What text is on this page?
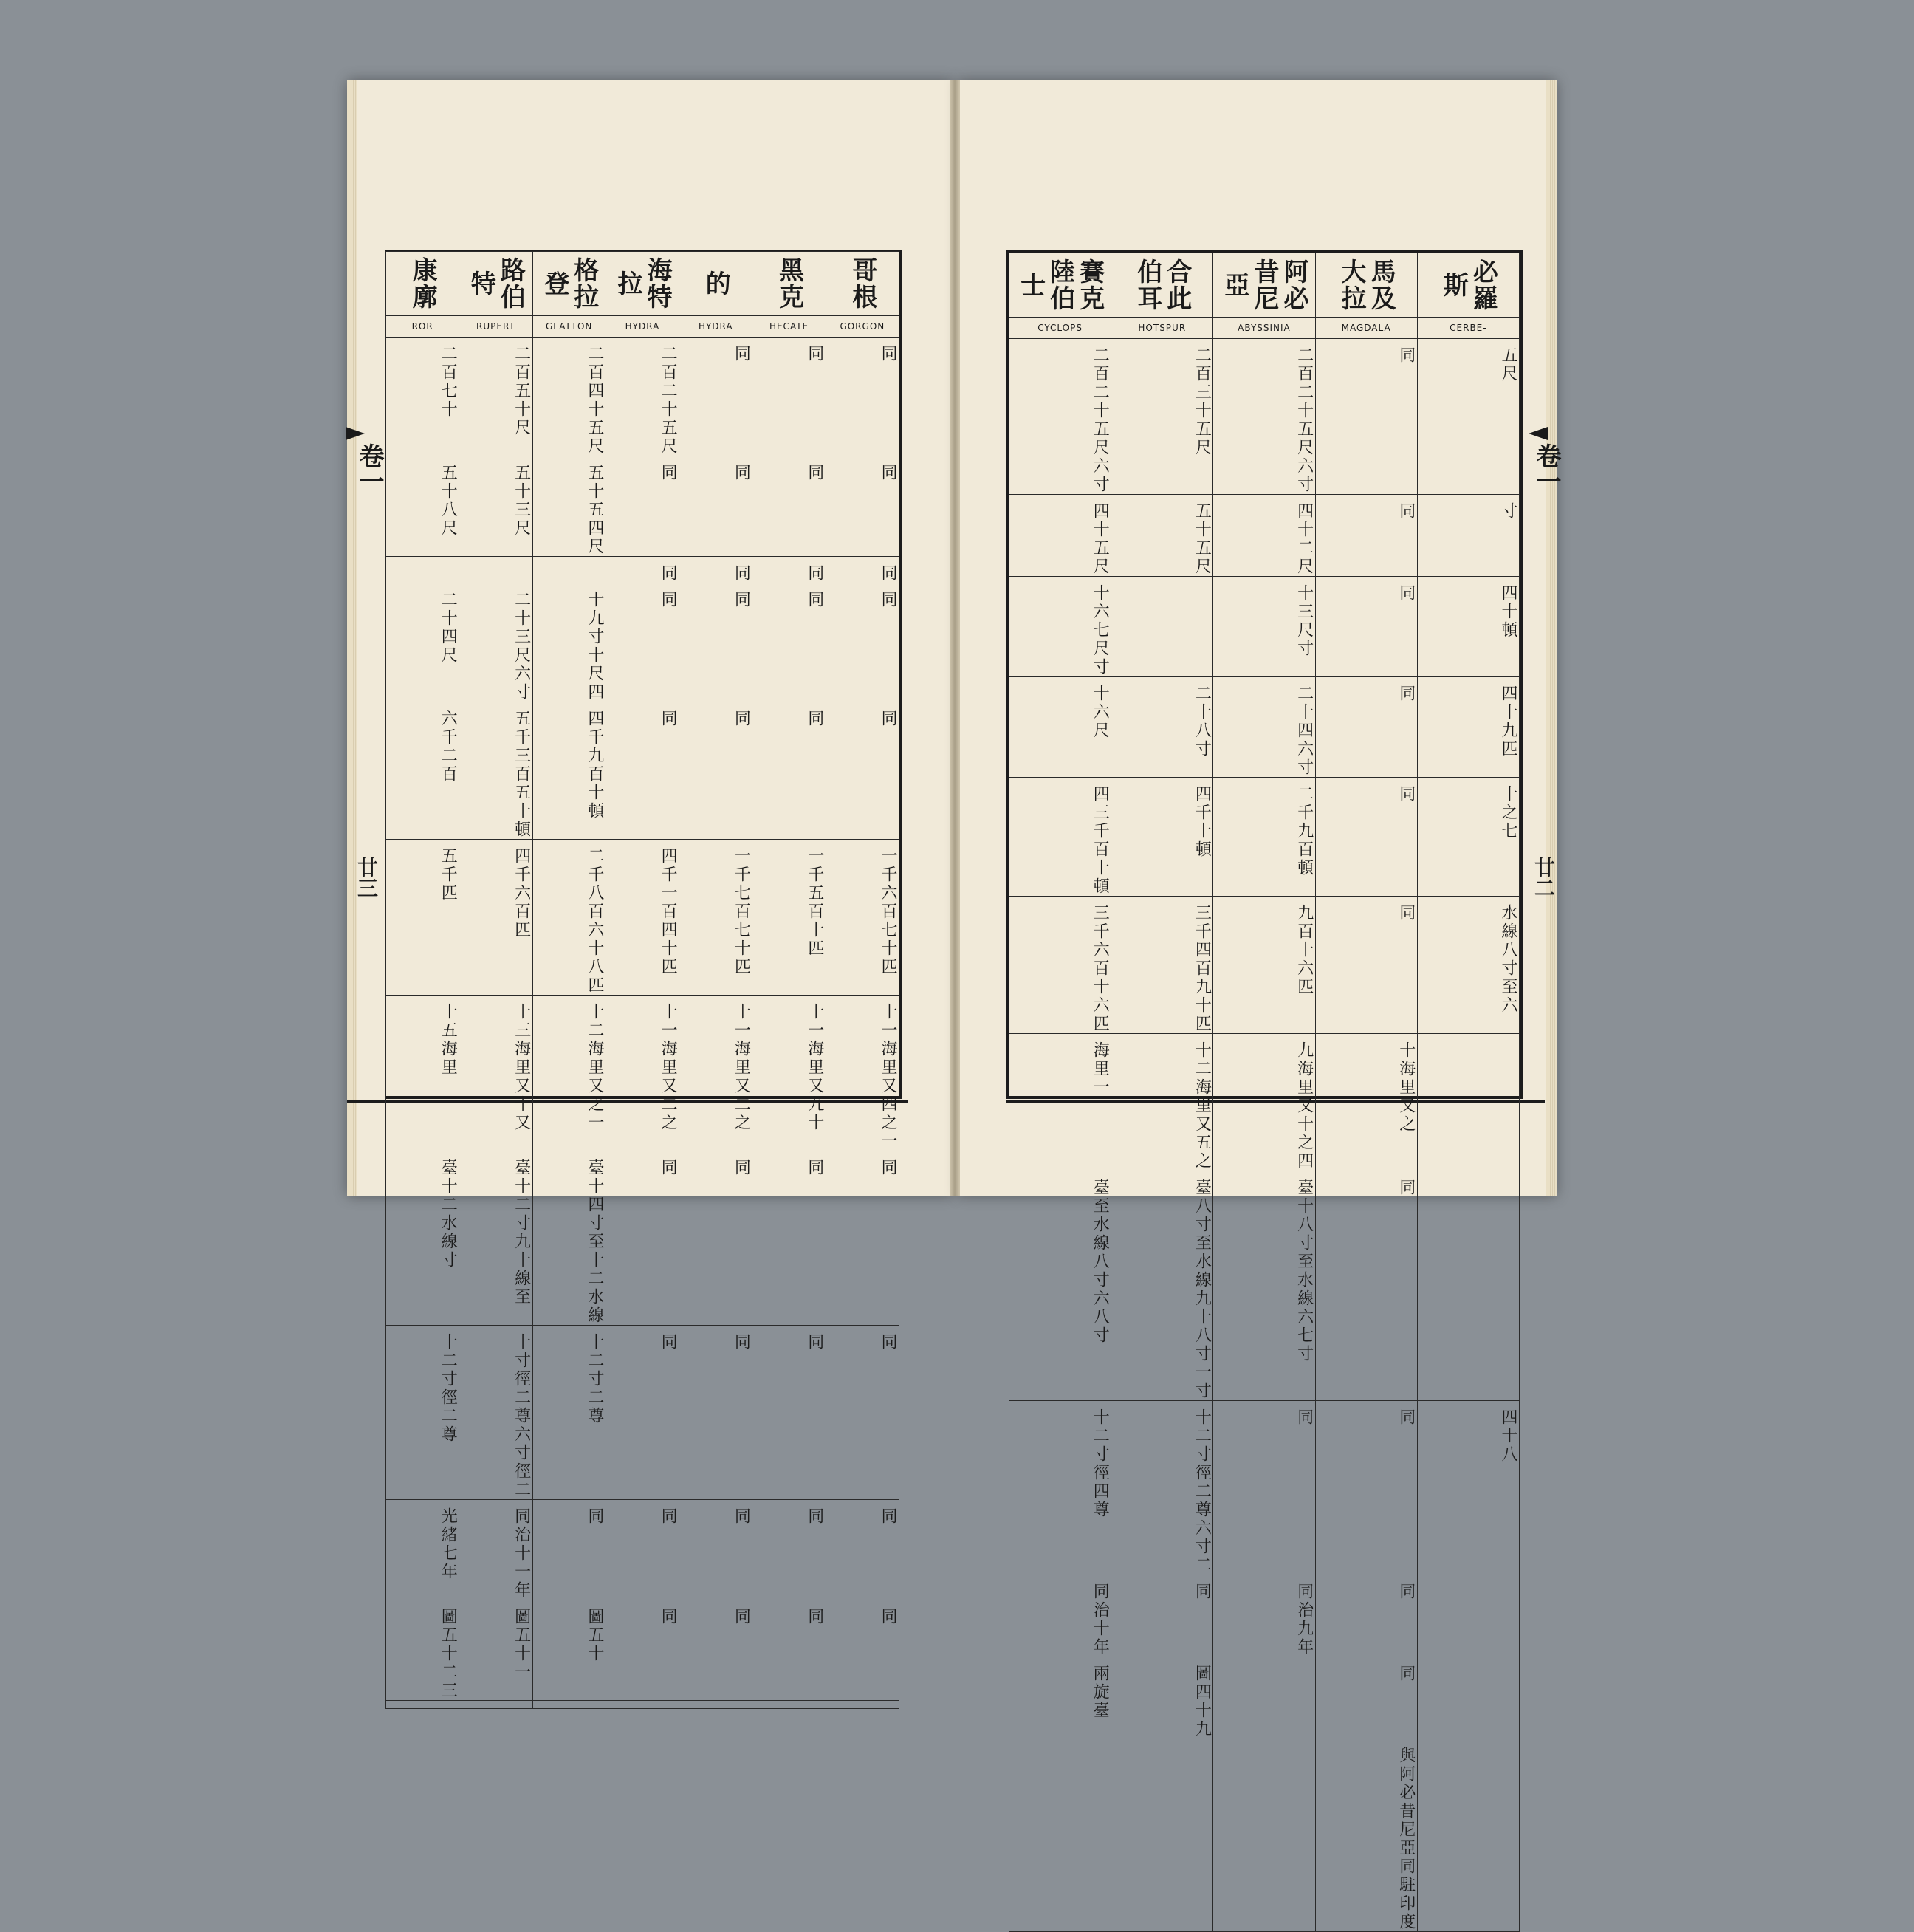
卷一
廿三
卷一
廿二
康廓	路伯特	格拉登	海特拉	的	黑克	哥根
ROR	RUPERT	GLATTON	HYDRA	HYDRA	HECATE	GORGON
二百七十	二百五十尺	二百四十五尺	二百二十五尺	同	同	同
五十八尺	五十三尺	五十五四尺	同	同	同	同
			同	同	同	同
二十四尺	二十三尺六寸	十九寸十尺四	同	同	同	同
六千二百	五千三百五十頓	四千九百十頓	同	同	同	同
五千匹	四千六百匹	二千八百六十八匹	四千一百四十匹	一千七百七十匹	一千五百十匹	一千六百七十匹
十五海里	十三海里又十又	十二海里又之一	十一海里又二之	十一海里又二之	十一海里又九十	十一海里又四之一
臺十二水線寸	臺十二寸九十線至	臺十四寸至十二水線	同	同	同	同
十二寸徑二尊	十寸徑二尊六寸徑二	十二寸二尊	同	同	同	同
光緒七年	同治十一年	同	同	同	同	同
圖五十二三	圖五十一	圖五十	同	同	同	同

賽克陸伯士	合此伯耳	阿必昔尼亞	馬及大拉	必羅斯
CYCLOPS	HOTSPUR	ABYSSINIA	MAGDALA	CERBE-
二百二十五尺六寸	二百三十五尺	二百二十五尺六寸	同	五尺
四十五尺	五十五尺	四十二尺	同	寸
十六七尺寸		十三尺寸	同	四十頓
十六尺	二十八寸	二十四六寸	同	四十九匹
四三千百十頓	四千十頓	二千九百頓	同	十之七
三千六百十六匹	三千四百九十匹	九百十六匹	同	水線八寸至六
海里一	十二海里又五之	九海里又十之四	十海里又之	
臺至水線八寸六八寸	臺八寸至水線九十八寸一寸	臺十八寸至水線六七寸	同	
十二寸徑四尊	十二寸徑二尊六寸二	同	同	四十八
同治十年	同	同治九年	同	
兩旋臺	圖四十九		同	
			與阿必昔尼亞同駐印度	
